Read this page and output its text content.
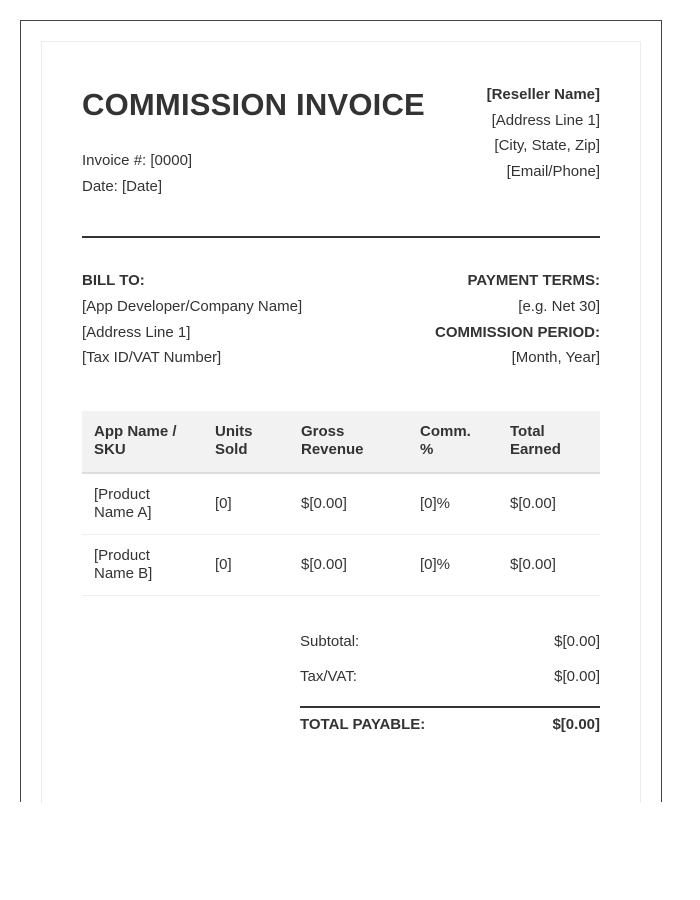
COMMISSION INVOICE
Invoice #: [0000]
Date: [Date]
[Reseller Name]
[Address Line 1]
[City, State, Zip]
[Email/Phone]
BILL TO:
[App Developer/Company Name]
[Address Line 1]
[Tax ID/VAT Number]
PAYMENT TERMS:
[e.g. Net 30]
COMMISSION PERIOD:
[Month, Year]
App Name / SKU	Units Sold	Gross Revenue	Comm. %	Total Earned
[Product Name A]	[0]	$[0.00]	[0]%	$[0.00]
[Product Name B]	[0]	$[0.00]	[0]%	$[0.00]
Subtotal:	$[0.00]
Tax/VAT:	$[0.00]
TOTAL PAYABLE:	$[0.00]
